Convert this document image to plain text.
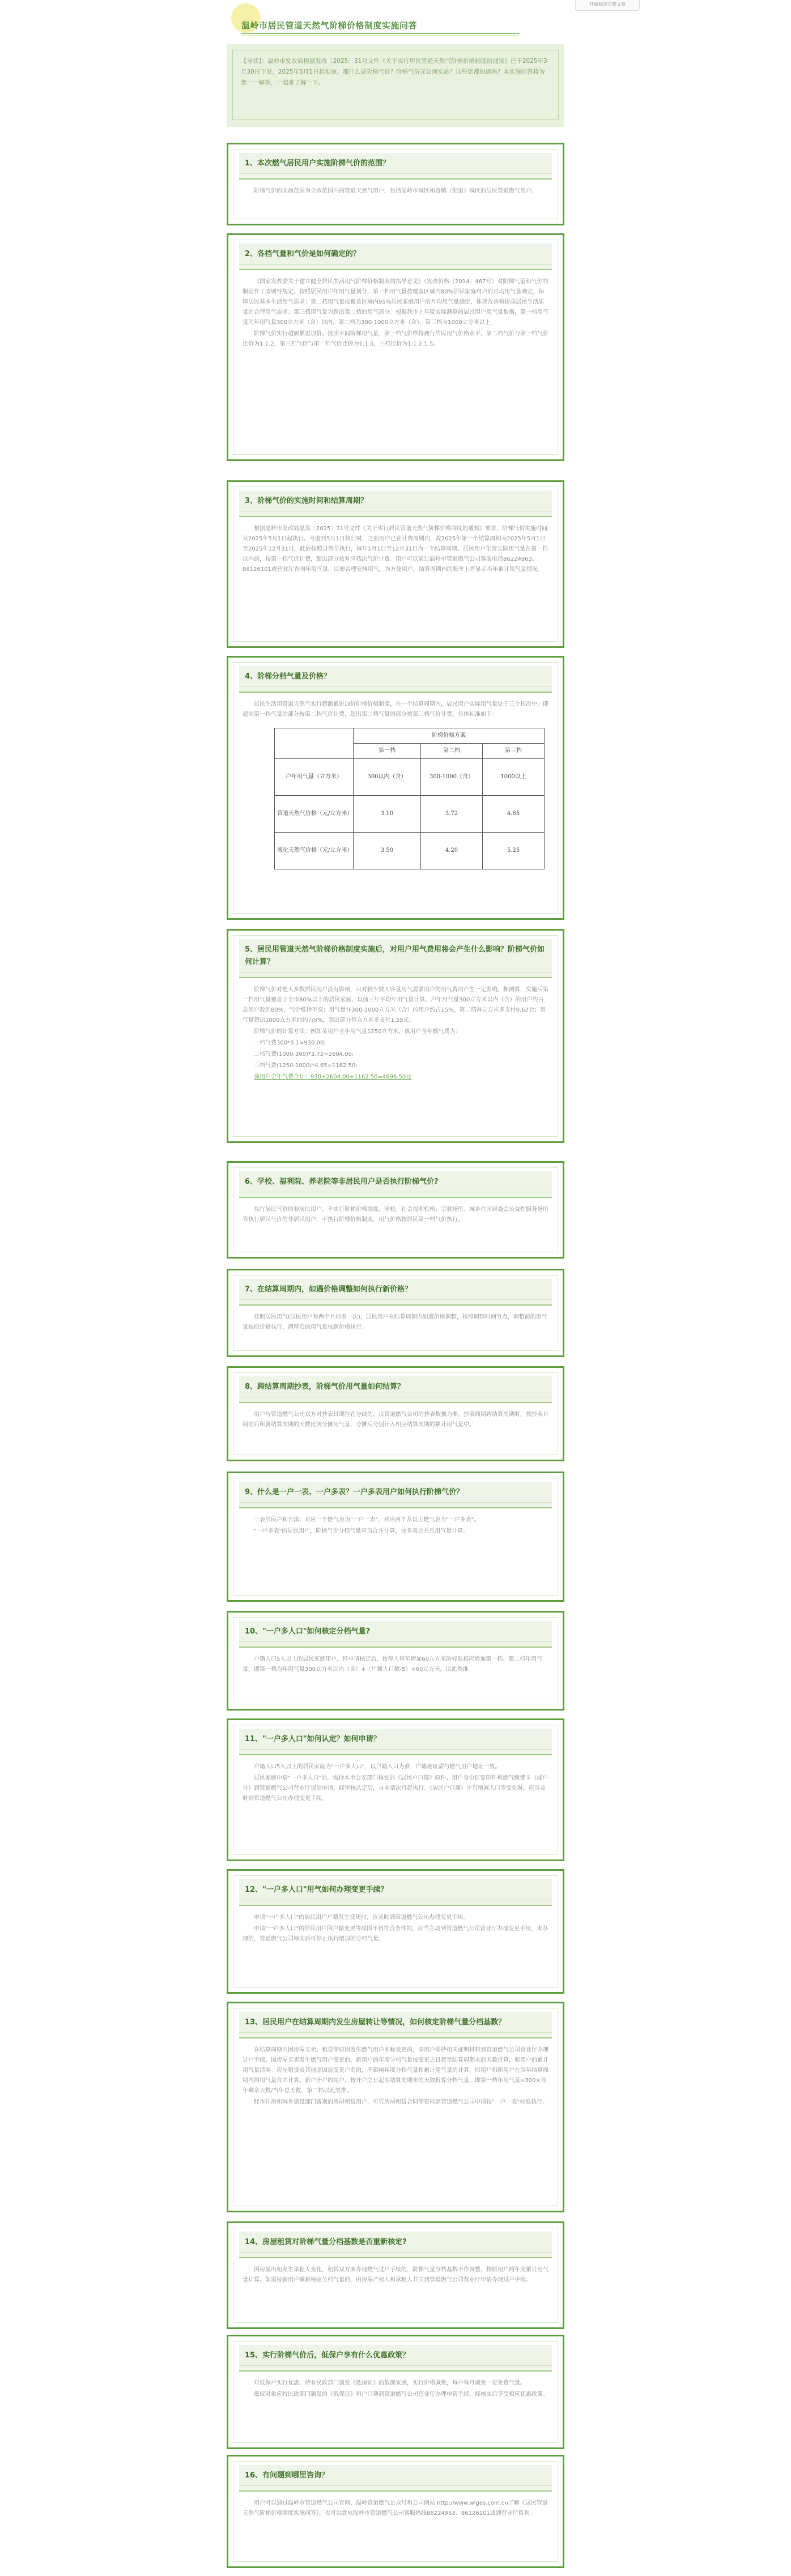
开始阅读完整文章
温岭市居民管道天然气阶梯价格制度实施问答
【导读】：温岭市发改局根据发改〔2025〕31号文件《关于实行居民管道天然气阶梯价格制度的通知》已于2025年3月30日下发，2025年5月1日起实施。那什么是阶梯气价？阶梯气价又如何实施？这些您都知道吗？本实施问答将为您一一解答，一起来了解一下。
1、本次燃气居民用户实施阶梯气价的范围？

阶梯气价的实施范围为全市范围内的管道天然气用户，包括温岭市城区和各镇（街道）城区的居民管道燃气用户。

2、各档气量和气价是如何确定的？

《国家发改委关于建立健全居民生活用气阶梯价格制度的指导意见》（发改价格〔2014〕467号）对阶梯气量和气价的制定作了原则性规定，按照居民用户年用气量划分，第一档用气量按覆盖区域内80%居民家庭用户的月均用气量确定，保障居民基本生活用气需求；第二档用气量按覆盖区域内95%居民家庭用户的月均用气量确定，体现改善和提高居民生活质量的合理用气需求；第三档用气量为超出第二档的用气部分。根据我市上年度实际测算的居民用户用气量数据，第一档用气量为年用气量300立方米（含）以内，第二档为300-1000立方米（含），第三档为1000立方米以上。

阶梯气价实行超额累进加价。按照不同阶梯用气量，第一档气价维持现行居民用气价格水平，第二档气价与第一档气价比价为1:1.2，第三档气价与第一档气价比价为1:1.5，三档比价为1:1.2:1.5。

3、阶梯气价的实施时间和结算周期？

根据温岭市发改局温发〔2025〕31号文件《关于实行居民管道天然气阶梯价格制度的通知》要求，阶梯气价实施时间从2025年5月1日起执行。考虑到5月1日执行时，之前用户已在计费周期内，故2025年第一个结算周期为2025年5月1日至2025年12月31日，此后按照自然年执行，每年1月1日至12月31日为一个结算周期。居民用户年度实际用气量在第一档以内的，按第一档气价计费，超出部分按对应档次气价计费。用户可以通过温岭市管道燃气公司客服电话86224963、86126101或营业厅查询年用气量，以便合理安排用气。为方便用户，结算周期内的账单上将显示当年累计用气量情况。

4、阶梯分档气量及价格？

居民生活用管道天然气实行超额累进加价阶梯价格制度，在一个结算周期内，居民用户实际用气量处于三个档次中，即超出第一档气量的部分按第二档气价计费，超出第二档气量的部分按第三档气价计费。具体标准如下：

	阶梯价格方案		
	第一档	第二档	第三档
户年用气量（立方米）	300以内（含）	300-1000（含）	1000以上
管道天然气价格（元/立方米）	3.10	3.72	4.65
液化天然气价格（元/立方米）	3.50	4.20	5.25
5、居民用管道天然气阶梯价格制度实施后，对用户用气费用将会产生什么影响？阶梯气价如何计算？

阶梯气价对绝大多数居民用户没有影响，只对较少数大容量用气需求用户的用气费用产生一定影响。据测算，实施后第一档用气量覆盖了全市80%以上的居民家庭，以前三年平均年用气量计算，户年用气量300立方米以内（含）的用户约占总用户数的80%，气价维持不变；用气量在300-1000立方米（含）的用户约占15%，第二档每立方米多支付0.62元；用气量超出1000立方米的约占5%，超出部分每立方米多支付1.55元。

阶梯气价的计算方法：例如某用户全年用气量1250立方米，该用户全年燃气费为：

一档气费300*3.1=930.00;

二档气费(1000-300)*3.72=2604.00;

三档气费(1250-1000)*4.65=1162.50;

该用户全年气费合计：930+2604.00+1162.50=4696.50元

6、学校、福利院、养老院等非居民用户是否执行阶梯气价?

执行居民气价的非居民用户，不实行阶梯价格制度，学校、社会福利机构、宗教场所、城乡社区居委会公益性服务场所等执行居民气价的非居民用户，不执行阶梯价格制度，用气价格按居民第一档气价执行。

7、在结算周期内，如遇价格调整如何执行新价格？

按照居民用气(居民用户每两个月抄表一次)，居民用户在结算周期内如遇价格调整，按照调整时间节点，调整前的用气量按原价格执行，调整后的用气量按新价格执行。

8、跨结算周期抄表，阶梯气价用气量如何结算？

用户与管道燃气公司双方对抄表日期存在分歧的，以管道燃气公司的抄表数据为准。抄表周期跨结算周期时，按抄表日期前后所属结算周期的天数比例分摊用气量，分摊后分别计入相应结算周期的累计用气量中。

9、什么是一户一表、一户多表？一户多表用户如何执行阶梯气价？

一表居民户和公寓：对应一个燃气表为"一户一表"，对应两个及以上燃气表为"一户多表"。

"一户多表"的居民用户，阶梯气价分档气量应当合并计算，按多表合并总用气量计算。

10、"一户多人口"如何核定分档气量?

户籍人口5人以上的居民家庭用户，经申请核定后，按每人每年增加60立方米的标准相应增加第一档、第二档年用气量，即第一档为年用气量300立方米以内（含）+（户籍人口数-5）×60立方米，以此类推。

11、"一户多人口"如何认定？如何申请？

户籍人口5人以上的居民家庭为"一户多人口"，以户籍人口为准，户籍地址需与燃气用户地址一致。

居民家庭申请"一户多人口"的，需持本市公安部门核发的《居民户口簿》原件、用户身份证复印件和燃气缴费卡（或户号）到管道燃气公司营业厅提出申请，经审核认定后，自申请次月起执行。《居民户口簿》中有增减人口等变化时，应当及时到管道燃气公司办理变更手续。

12、"一户多人口"用气如何办理变更手续？

申请"一户多人口"的居民用户户籍发生变更时，应及时到管道燃气公司办理变更手续。

申请"一户多人口"的居民用户因户籍变更等原因不再符合条件的，应当主动到管道燃气公司营业厅办理变更手续，未办理的，管道燃气公司核实后可停止执行增加的分档气量。

13、居民用户在结算周期内发生房屋转让等情况，如何核定阶梯气量分档基数？

在结算周期内因房屋买卖、租赁等原因发生燃气用户名称变更的，原用户需持相关证明材料到管道燃气公司营业厅办理过户手续。因房屋买卖发生燃气用户变更的，新用户的年度分档气量按变更之日起至结算周期末的天数折算，原用户的累计用气量清零。房屋租赁及其他原因需变更户名的，不影响年度分档气量和累计用气量的计算，原用户和新用户在当年结算周期内的用气量合并计算。新户开户的用户，按开户之日起至结算周期末的天数折算分档气量，即第一档年用气量=300×当年剩余天数/当年总天数，第二档以此类推。

经市住房和城乡建设部门备案的房屋租赁用户，可凭房屋租赁合同等资料到管道燃气公司申请按"一户一表"标准执行。

14、房屋租赁对阶梯气量分档基数是否重新核定?

因房屋出租发生承租人变化，租赁双方未办理燃气过户手续的，阶梯气量分档基数不作调整，按原用户的年度累计用气量计算。如需按新用户重新核定分档气量的，由房屋产权人和承租人共同到管道燃气公司营业厅申请办理过户手续。

15、实行阶梯气价后，低保户享有什么优惠政策？

对低保户实行优惠，持有民政部门颁发《低保证》的低保家庭，实行价格减免，每户每月减免一定免费气量。

低保对象应持民政部门颁发的《低保证》和户口簿到管道燃气公司营业厅办理申请手续，经核实后享受相应优惠政策。

16、有问题到哪里咨询？

用户可以通过温岭市管道燃气公司官网、温岭管道燃气公众号和公司网站 http://www.wlgas.com.cn了解《居民管道天然气阶梯价格制度实施问答》，也可以致电温岭市管道燃气公司客服热线86224963、86126101或到营业厅咨询。
